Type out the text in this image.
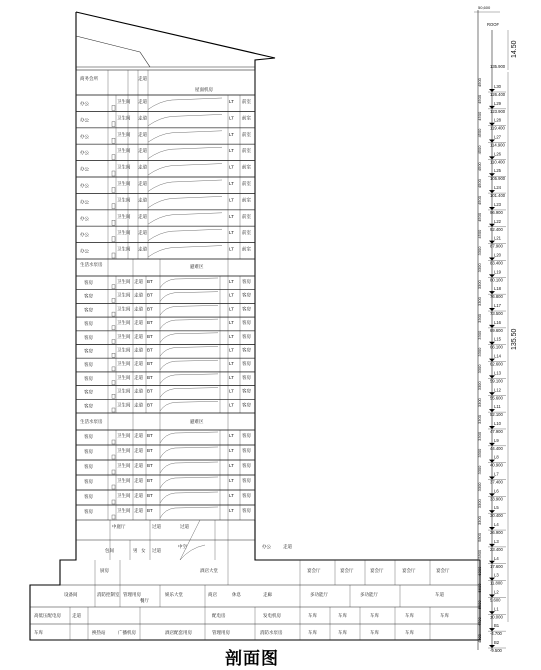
商务会所
屋面机房
走道
办公	卫生间 走道	LT 前室
办公	卫生间 走道	LT 前室
办公	卫生间 走道	LT 前室
办公	卫生间 走道	LT 前室
办公	卫生间 走道	LT 前室
办公	卫生间 走道	LT 前室
办公	卫生间 走道	LT 前室
办公	卫生间 走道	LT 前室
办公	卫生间 走道	LT 前室
办公	卫生间 走道	LT 前室
客房	卫生间 走道 BT	LT 客房
客房	卫生间 走道 BT	LT 客房
客房	卫生间 走道 BT	LT 客房
客房	卫生间 走道 BT	LT 客房
客房	卫生间 走道 BT	LT 客房
客房	卫生间 走道 BT	LT 客房
客房	卫生间 走道 BT	LT 客房
客房	卫生间 走道 BT	LT 客房
客房	卫生间 走道 BT	LT 客房
客房	卫生间 走道 BT	LT 客房
客房	卫生间 走道 BT	LT 客房
客房	卫生间 走道 BT	LT 客房
客房	卫生间 走道 BT	LT 客房
客房	卫生间 走道 BT	LT 客房
客房	卫生间 走道 BT	LT 客房
客房	卫生间 走道 BT	LT 客房
生活水泵房	避难区
生活水泵房	避难区
中空
中庭厅	过道	过道
包间	男 女 过道
办公	走道
厨房	酒店大堂	宴会厅	宴会厅	宴会厅	宴会厅	宴会厅
设备间	消防控制室 管理用房
餐厅
娱乐大堂	商店	走廊	多功能厅	多功能厅
休息	车道
高低压配电房 走道	发电机房
配电房	车库	车库	车库	车库	车库
车库	换热站	广播机房	酒店配套用房	管理用房	消防水泵房	车库	车库	车库	车库
50,600
ROOF
135.900
14.50
135.50
L30
126.400
4500
L29
123.900
4500
L28
119.400
4500
L27
114.900
4500
L26
110.400
4500
L25
105.900
4500
L24
101.400
4500
L23
96.900
4500
L22
92.400
4500
L21
87.900
4500
L20
83.400
3300
L19
80.100
3300
L18
76.800
3300
L17
73.500
3300
L16
69.600
3300
L15
66.100
3300
L14
62.600
3300
L13
59.100
3300
L12
55.600
3300
L11
52.100
3300
L10
47.900
3300
L9
44.400
3300
L8
40.900
3300
L7
37.400
3300
L6
33.900
3300
L5
30.400
3300
L4
26.900
3300
L3
23.400
5800
L4
17.600
5800
L3
11.800
6300
L2
5.600
5600
L1
±0.000
5600
B1
-4.700
4700
B2
-9.500
4800
剖面图
